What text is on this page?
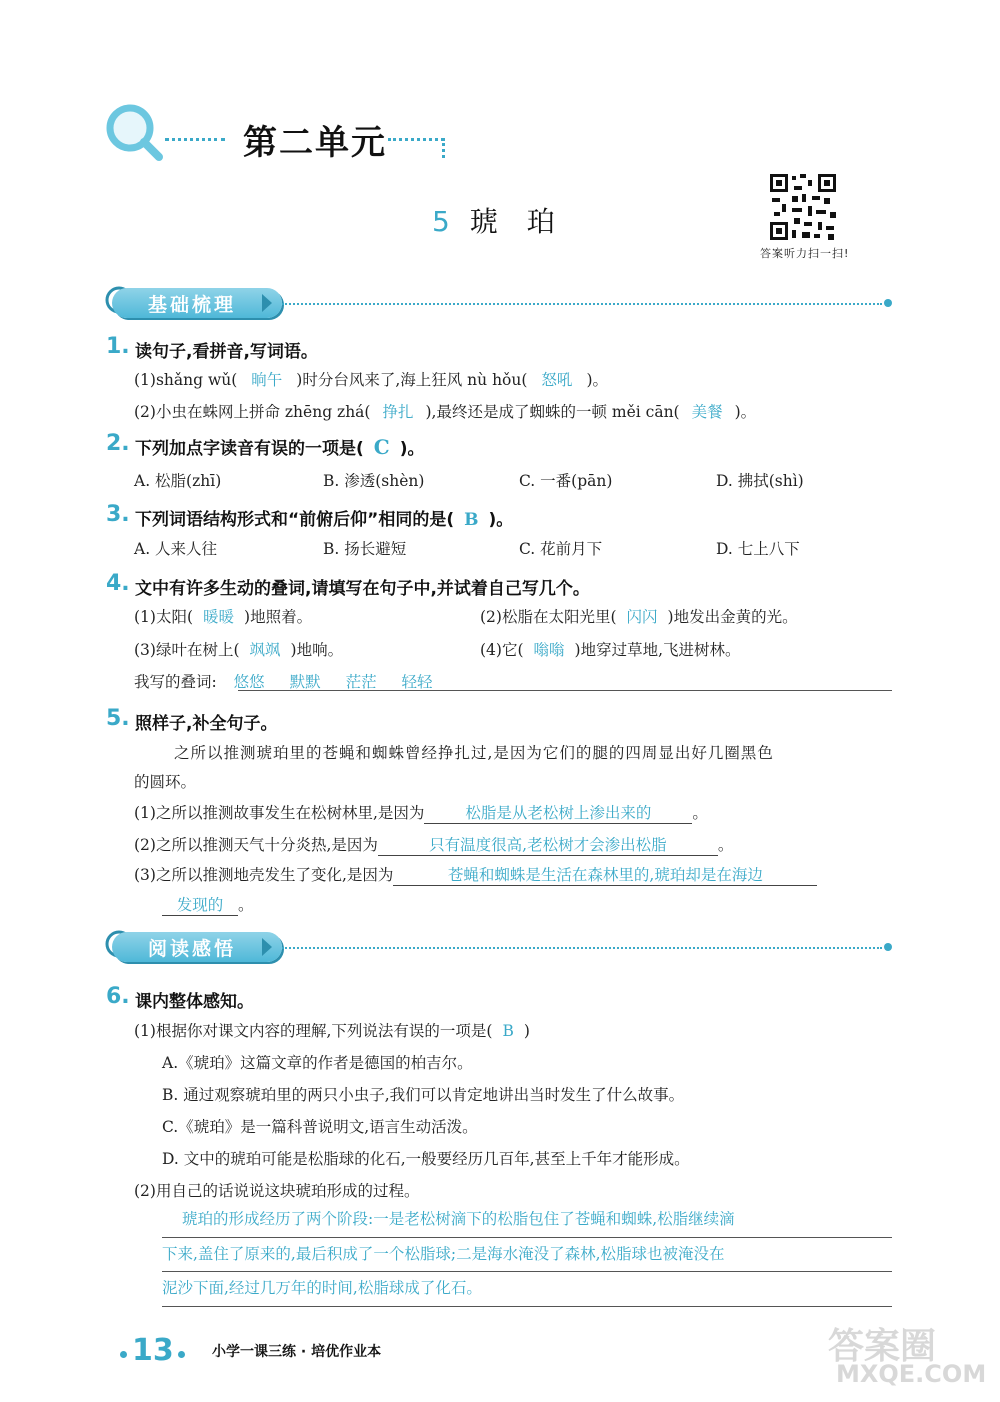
第二单元
5 琥 珀
答案听力扫一扫!
基础梳理
1. 读句子,看拼音,写词语。
(1)shǎng wǔ( 晌午 )时分台风来了,海上狂风 nù hǒu( 怒吼 )。
(2)小虫在蛛网上拼命 zhēng zhá( 挣扎 ),最终还是成了蜘蛛的一顿 měi cān( 美餐 )。
2. 下列加点字读音有误的一项是( C )。
A. 松脂(zhī)	B. 渗透(shèn)	C. 一番(pān)	D. 拂拭(shì)
3. 下列词语结构形式和“前俯后仰”相同的是( B )。
A. 人来人往	B. 扬长避短	C. 花前月下	D. 七上八下
4. 文中有许多生动的叠词,请填写在句子中,并试着自己写几个。
(1)太阳( 暖暖 )地照着。	(2)松脂在太阳光里( 闪闪 )地发出金黄的光。
(3)绿叶在树上( 飒飒 )地响。	(4)它( 嗡嗡 )地穿过草地,飞进树林。
我写的叠词: 悠悠 默默 茫茫 轻轻
5. 照样子,补全句子。
之所以推测琥珀里的苍蝇和蜘蛛曾经挣扎过,是因为它们的腿的四周显出好几圈黑色
的圆环。
(1)之所以推测故事发生在松树林里,是因为	松脂是从老松树上渗出来的	。
(2)之所以推测天气十分炎热,是因为	只有温度很高,老松树才会渗出松脂	。
(3)之所以推测地壳发生了变化,是因为	苍蝇和蜘蛛是生活在森林里的,琥珀却是在海边
发现的 。
阅读感悟
6. 课内整体感知。
(1)根据你对课文内容的理解,下列说法有误的一项是( B )
A.《琥珀》这篇文章的作者是德国的柏吉尔。
B. 通过观察琥珀里的两只小虫子,我们可以肯定地讲出当时发生了什么故事。
C.《琥珀》是一篇科普说明文,语言生动活泼。
D. 文中的琥珀可能是松脂球的化石,一般要经历几百年,甚至上千年才能形成。
(2)用自己的话说说这块琥珀形成的过程。
琥珀的形成经历了两个阶段:一是老松树滴下的松脂包住了苍蝇和蜘蛛,松脂继续滴
下来,盖住了原来的,最后积成了一个松脂球;二是海水淹没了森林,松脂球也被淹没在
泥沙下面,经过几万年的时间,松脂球成了化石。
13	小学一课三练 · 培优作业本	答案圈
MXQE.COM
